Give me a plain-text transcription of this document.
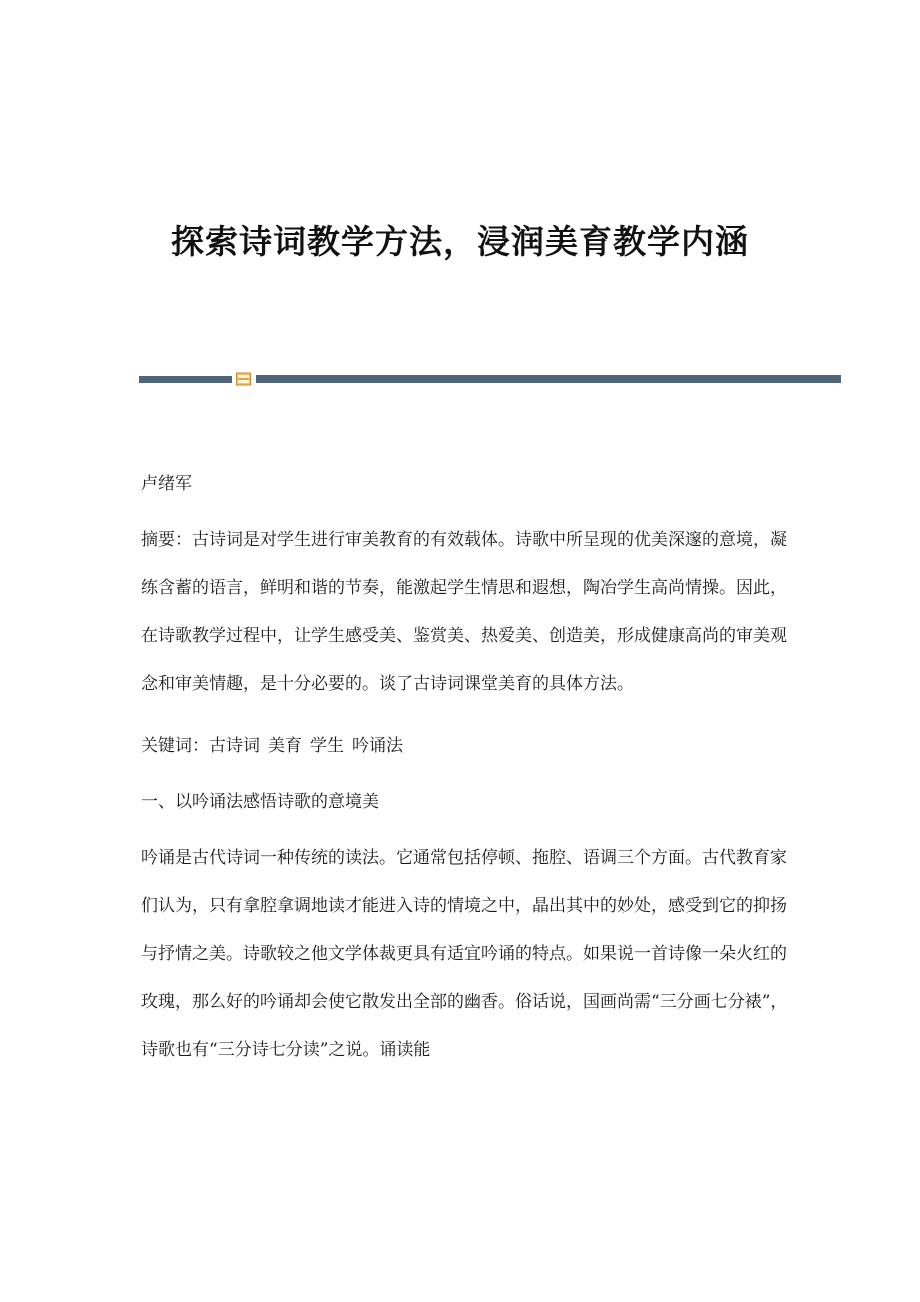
探索诗词教学方法，浸润美育教学内涵

卢绪军

摘要：古诗词是对学生进行审美教育的有效载体。诗歌中所呈现的优美深邃的意境，凝练含蓄的语言，鲜明和谐的节奏，能激起学生情思和遐想，陶冶学生高尚情操。因此，在诗歌教学过程中，让学生感受美、鉴赏美、热爱美、创造美，形成健康高尚的审美观念和审美情趣，是十分必要的。谈了古诗词课堂美育的具体方法。

关键词：古诗词 美育 学生 吟诵法

一、以吟诵法感悟诗歌的意境美

吟诵是古代诗词一种传统的读法。它通常包括停顿、拖腔、语调三个方面。古代教育家们认为，只有拿腔拿调地读才能进入诗的情境之中，晶出其中的妙处，感受到它的抑扬与抒情之美。诗歌较之他文学体裁更具有适宜吟诵的特点。如果说一首诗像一朵火红的玫瑰，那么好的吟诵却会使它散发出全部的幽香。俗话说，国画尚需“三分画七分裱”，诗歌也有“三分诗七分读”之说。诵读能
